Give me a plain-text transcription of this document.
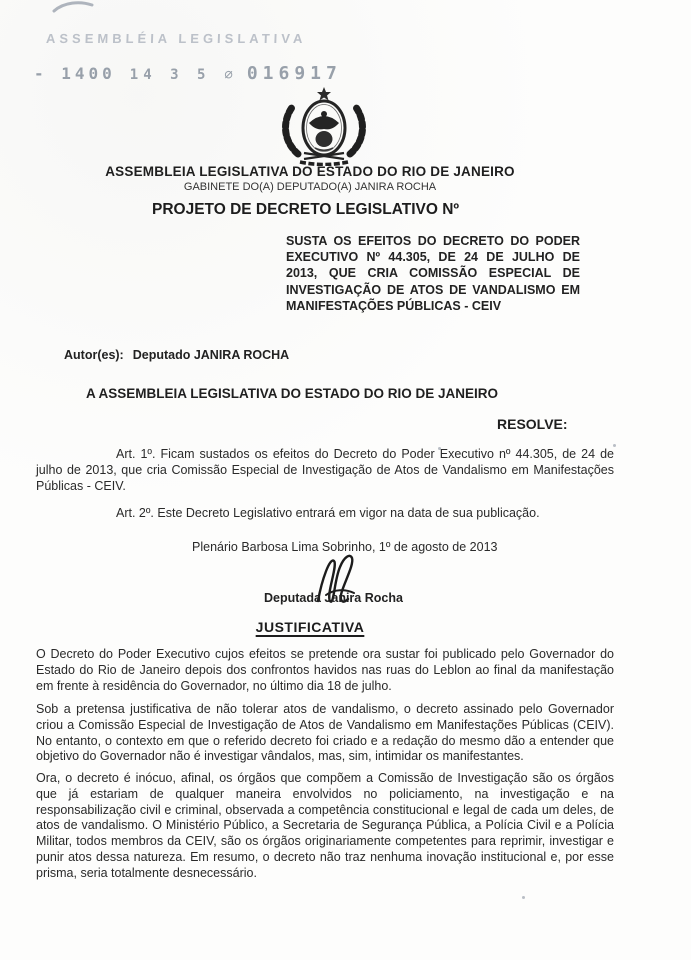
ASSEMBLÉIA LEGISLATIVA
- 1400 14 3 5 ∅ 016917
ASSEMBLEIA LEGISLATIVA DO ESTADO DO RIO DE JANEIRO
GABINETE DO(A) DEPUTADO(A) JANIRA ROCHA
PROJETO DE DECRETO LEGISLATIVO Nº
SUSTA OS EFEITOS DO DECRETO DO PODER EXECUTIVO Nº 44.305, DE 24 DE JULHO DE 2013, QUE CRIA COMISSÃO ESPECIAL DE INVESTIGAÇÃO DE ATOS DE VANDALISMO EM MANIFESTAÇÕES PÚBLICAS - CEIV
Autor(es): Deputado JANIRA ROCHA
A ASSEMBLEIA LEGISLATIVA DO ESTADO DO RIO DE JANEIRO
RESOLVE:
Art. 1º. Ficam sustados os efeitos do Decreto do Poder Executivo nº 44.305, de 24 de julho de 2013, que cria Comissão Especial de Investigação de Atos de Vandalismo em Manifestações Públicas - CEIV.
Art. 2º. Este Decreto Legislativo entrará em vigor na data de sua publicação.
Plenário Barbosa Lima Sobrinho, 1º de agosto de 2013
Deputada Janira Rocha
JUSTIFICATIVA
O Decreto do Poder Executivo cujos efeitos se pretende ora sustar foi publicado pelo Governador do Estado do Rio de Janeiro depois dos confrontos havidos nas ruas do Leblon ao final da manifestação em frente à residência do Governador, no último dia 18 de julho.
Sob a pretensa justificativa de não tolerar atos de vandalismo, o decreto assinado pelo Governador criou a Comissão Especial de Investigação de Atos de Vandalismo em Manifestações Públicas (CEIV). No entanto, o contexto em que o referido decreto foi criado e a redação do mesmo dão a entender que objetivo do Governador não é investigar vândalos, mas, sim, intimidar os manifestantes.
Ora, o decreto é inócuo, afinal, os órgãos que compõem a Comissão de Investigação são os órgãos que já estariam de qualquer maneira envolvidos no policiamento, na investigação e na responsabilização civil e criminal, observada a competência constitucional e legal de cada um deles, de atos de vandalismo. O Ministério Público, a Secretaria de Segurança Pública, a Polícia Civil e a Polícia Militar, todos membros da CEIV, são os órgãos originariamente competentes para reprimir, investigar e punir atos dessa natureza. Em resumo, o decreto não traz nenhuma inovação institucional e, por esse prisma, seria totalmente desnecessário.
